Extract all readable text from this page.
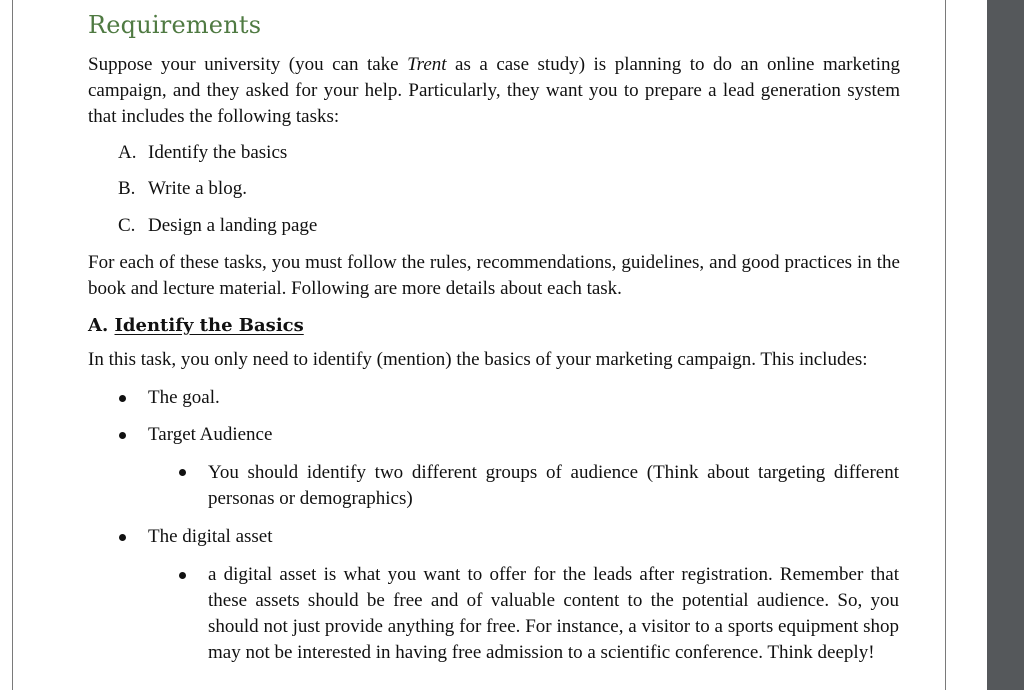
Requirements

Suppose your university (you can take Trent as a case study) is planning to do an online marketing campaign, and they asked for your help. Particularly, they want you to prepare a lead generation system that includes the following tasks:

A. Identify the basics
B. Write a blog.
C. Design a landing page

For each of these tasks, you must follow the rules, recommendations, guidelines, and good practices in the book and lecture material. Following are more details about each task.

A. Identify the Basics

In this task, you only need to identify (mention) the basics of your marketing campaign. This includes:

The goal.
Target Audience

You should identify two different groups of audience (Think about targeting different personas or demographics)

The digital asset

a digital asset is what you want to offer for the leads after registration. Remember that these assets should be free and of valuable content to the potential audience. So, you should not just provide anything for free. For instance, a visitor to a sports equipment shop may not be interested in having free admission to a scientific conference. Think deeply!
